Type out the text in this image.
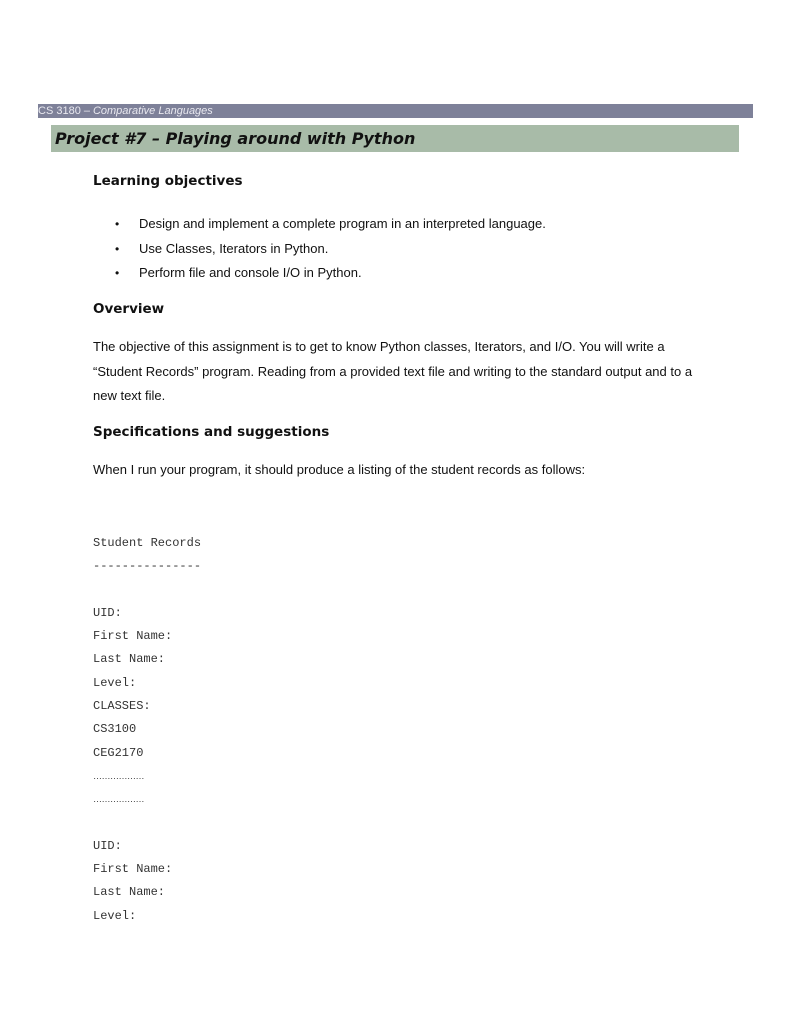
CS 3180 – Comparative Languages
Project #7 – Playing around with Python
Learning objectives
• Design and implement a complete program in an interpreted language.
• Use Classes, Iterators in Python.
• Perform file and console I/O in Python.
Overview

The objective of this assignment is to get to know Python classes, Iterators, and I/O. You will write a “Student Records” program. Reading from a provided text file and writing to the standard output and to a new text file.

Specifications and suggestions

When I run your program, it should produce a listing of the student records as follows:

Student Records
---------------
UID:
First Name:
Last Name:
Level:
CLASSES:
CS3100
CEG2170
………………
………………
UID:
First Name:
Last Name:
Level:
